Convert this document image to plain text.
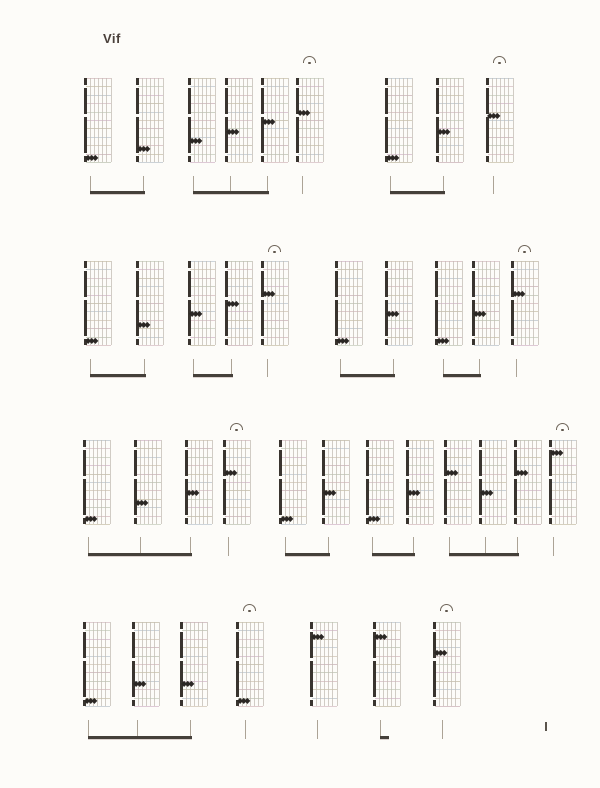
Vif
◆◆◆
◆◆◆
◆◆◆
◆◆◆
◆◆◆
◆◆◆
◆◆◆
◆◆◆
◆◆◆
◆◆◆
◆◆◆
◆◆◆
◆◆◆
◆◆◆
◆◆◆
◆◆◆
◆◆◆
◆◆◆
◆◆◆
◆◆◆
◆◆◆
◆◆◆
◆◆◆
◆◆◆
◆◆◆
◆◆◆
◆◆◆
◆◆◆
◆◆◆
◆◆◆
◆◆◆
◆◆◆
◆◆◆	◆◆◆
◆◆◆
◆◆◆	◆◆◆
◆◆◆
